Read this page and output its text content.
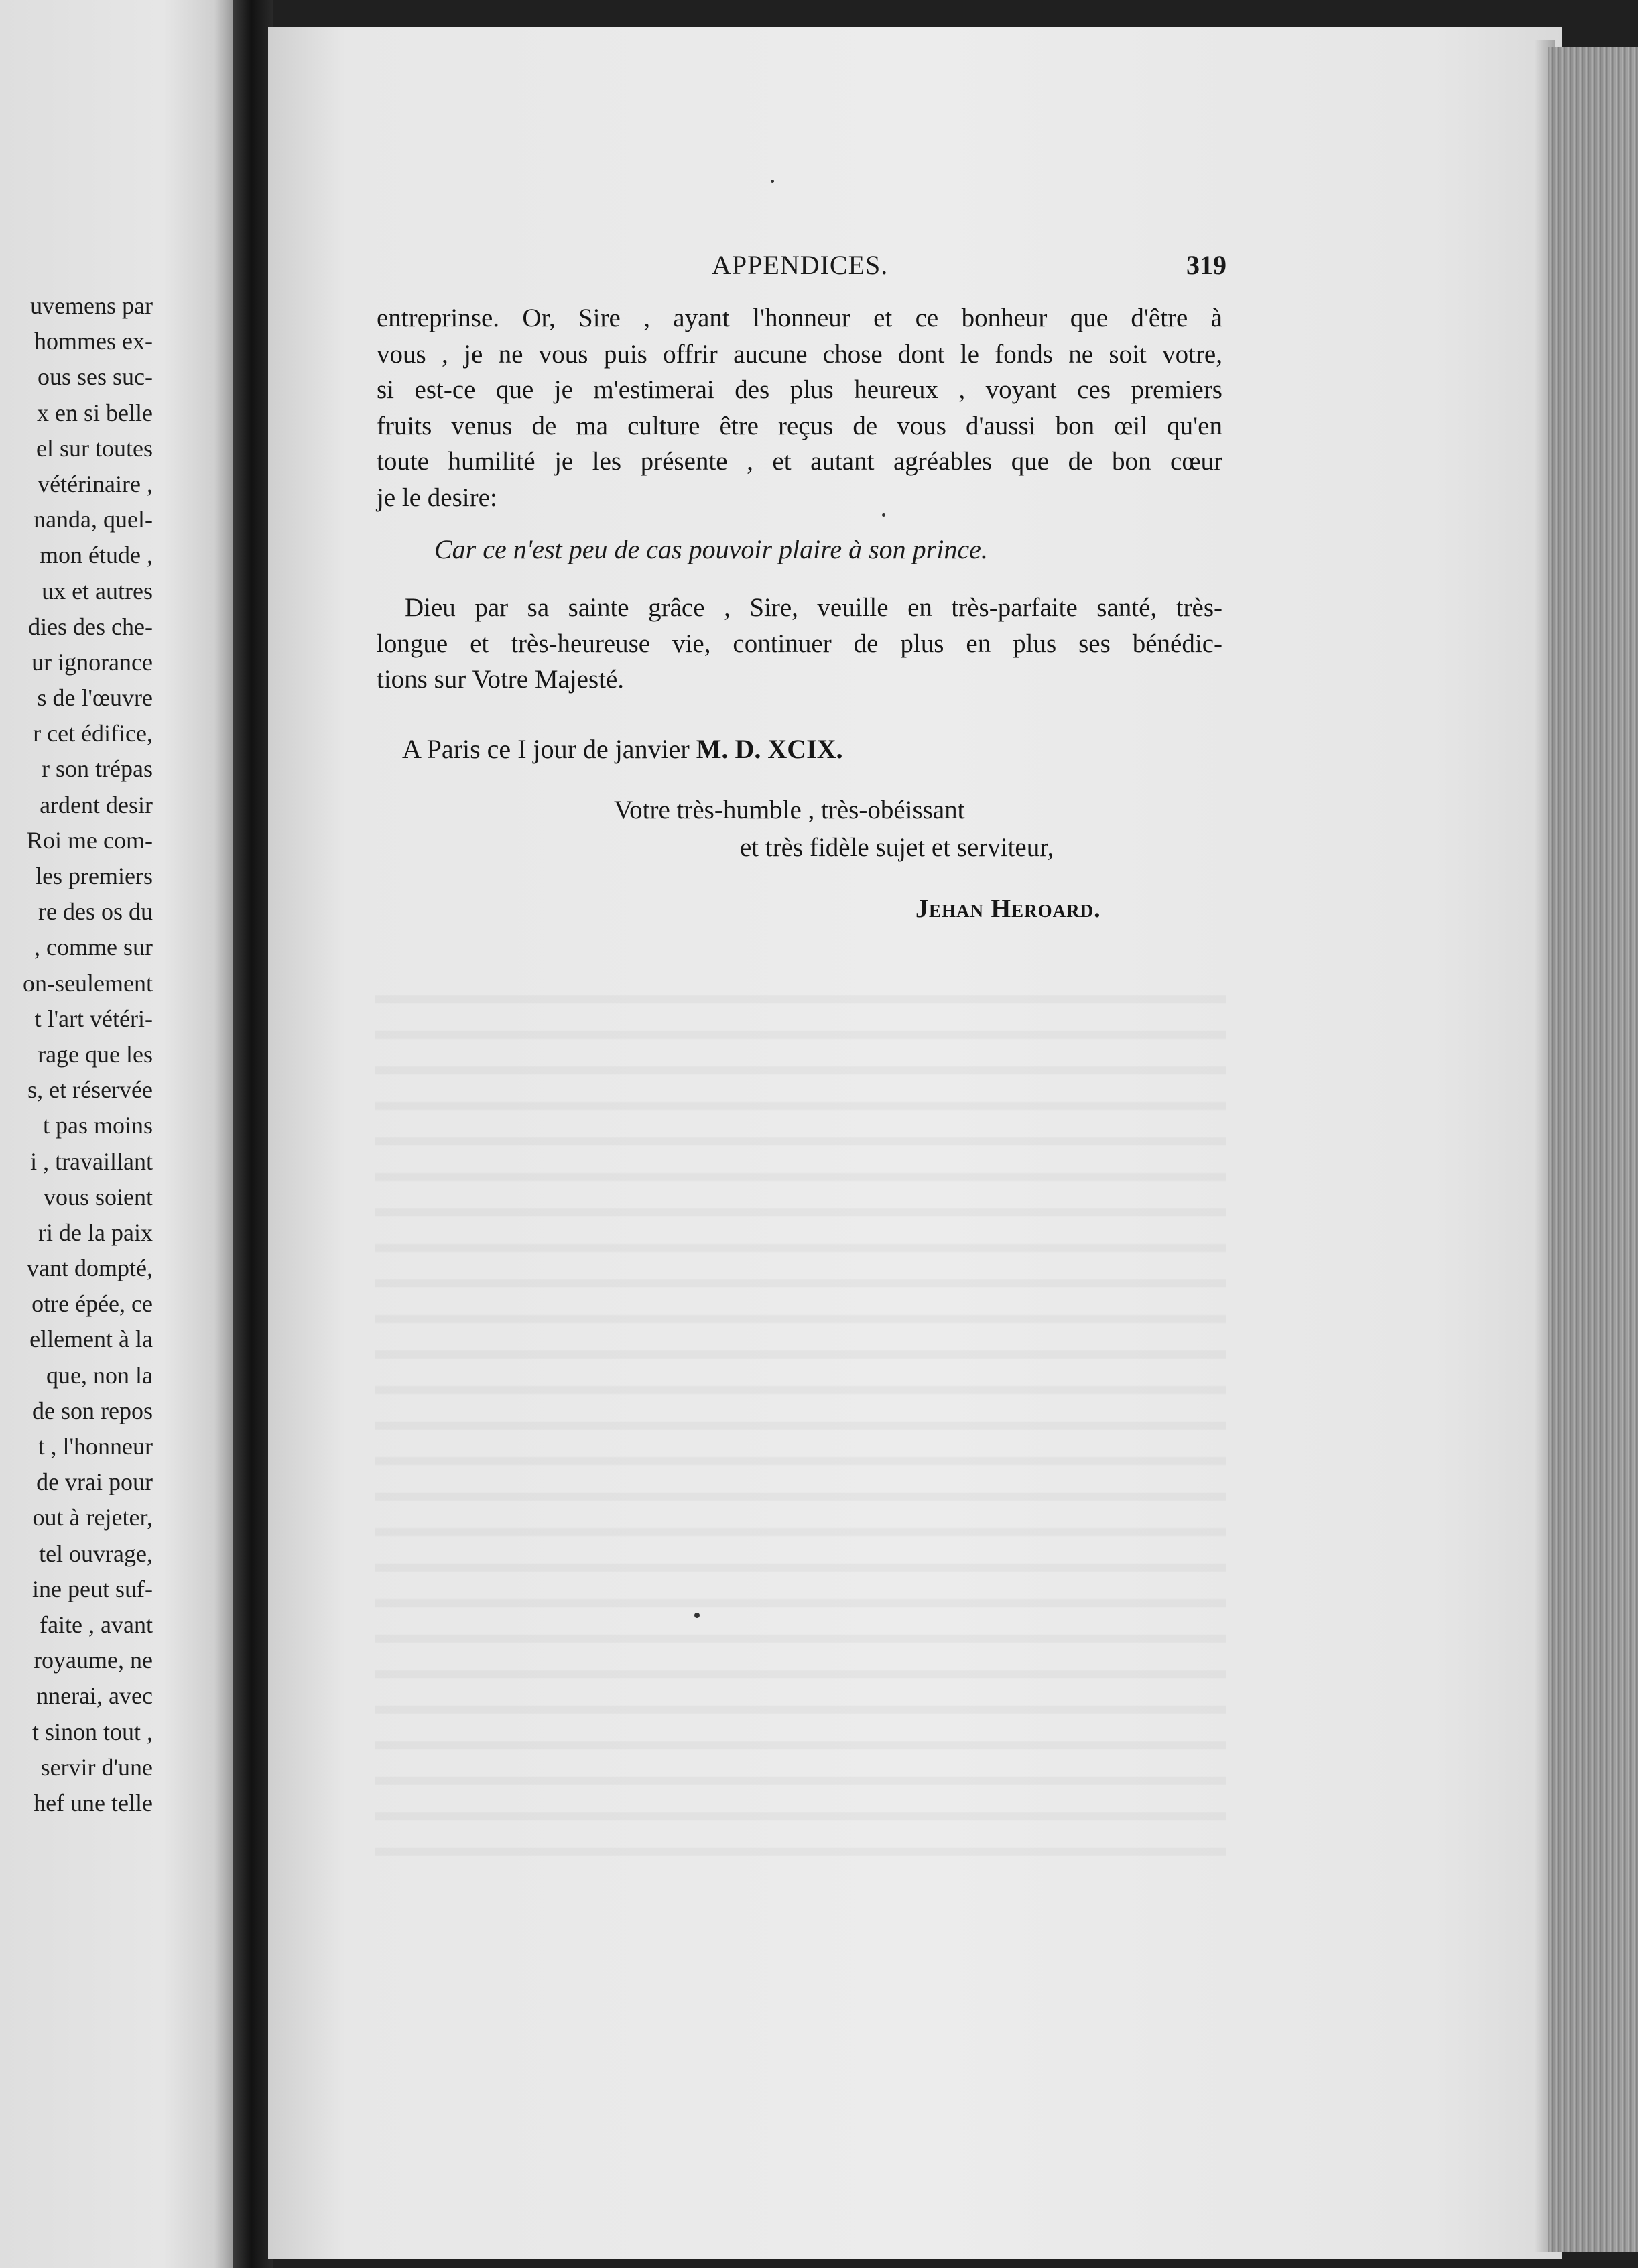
uvemens par
hommes ex-
ous ses suc-
x en si belle
el sur toutes
vétérinaire ,
nanda, quel-
mon étude ,
ux et autres
dies des che-
ur ignorance
s de l'œuvre
r cet édifice,
r son trépas
ardent desir
Roi me com-
les premiers
re des os du
, comme sur
on-seulement
t l'art vétéri-
rage que les
s, et réservée
t pas moins
i , travaillant
vous soient
ri de la paix
vant dompté,
otre épée, ce
ellement à la
que, non la
de son repos
t , l'honneur
de vrai pour
out à rejeter,
tel ouvrage,
ine peut suf-
faite , avant
royaume, ne
nnerai, avec
t sinon tout ,
servir d'une
hef une telle
APPENDICES.	319
entreprinse. Or, Sire , ayant l'honneur et ce bonheur que d'être à
vous , je ne vous puis offrir aucune chose dont le fonds ne soit votre,
si est-ce que je m'estimerai des plus heureux , voyant ces premiers
fruits venus de ma culture être reçus de vous d'aussi bon œil qu'en
toute humilité je les présente , et autant agréables que de bon cœur
je le desire:
Car ce n'est peu de cas pouvoir plaire à son prince.
Dieu par sa sainte grâce , Sire, veuille en très-parfaite santé, très-
longue et très-heureuse vie, continuer de plus en plus ses bénédic-
tions sur Votre Majesté.
A Paris ce I jour de janvier M. D. XCIX.
Votre très-humble , très-obéissant
et très fidèle sujet et serviteur,
Jehan Heroard.
